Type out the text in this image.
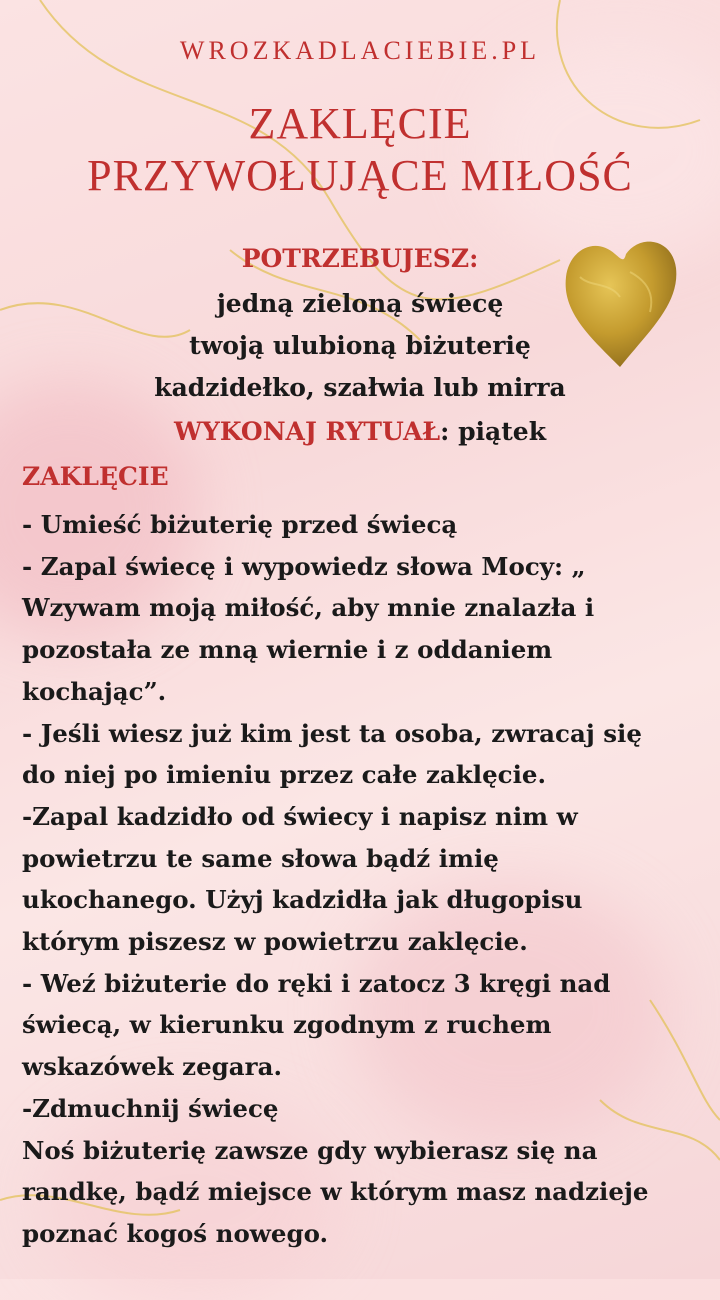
WROZKADLACIEBIE.PL
ZAKLĘCIE
PRZYWOŁUJĄCE MIŁOŚĆ
POTRZEBUJESZ:
jedną zieloną świecę
twoją ulubioną biżuterię
kadzidełko, szałwia lub mirra
WYKONAJ RYTUAŁ: piątek
ZAKLĘCIE
- Umieść biżuterię przed świecą
- Zapal świecę i wypowiedz słowa Mocy: „
Wzywam moją miłość, aby mnie znalazła i
pozostała ze mną wiernie i z oddaniem
kochając”.
- Jeśli wiesz już kim jest ta osoba, zwracaj się
do niej po imieniu przez całe zaklęcie.
-Zapal kadzidło od świecy i napisz nim w
powietrzu te same słowa bądź imię
ukochanego. Użyj kadzidła jak długopisu
którym piszesz w powietrzu zaklęcie.
- Weź biżuterie do ręki i zatocz 3 kręgi nad
świecą, w kierunku zgodnym z ruchem
wskazówek zegara.
-Zdmuchnij świecę
Noś biżuterię zawsze gdy wybierasz się na
randkę, bądź miejsce w którym masz nadzieje
poznać kogoś nowego.
